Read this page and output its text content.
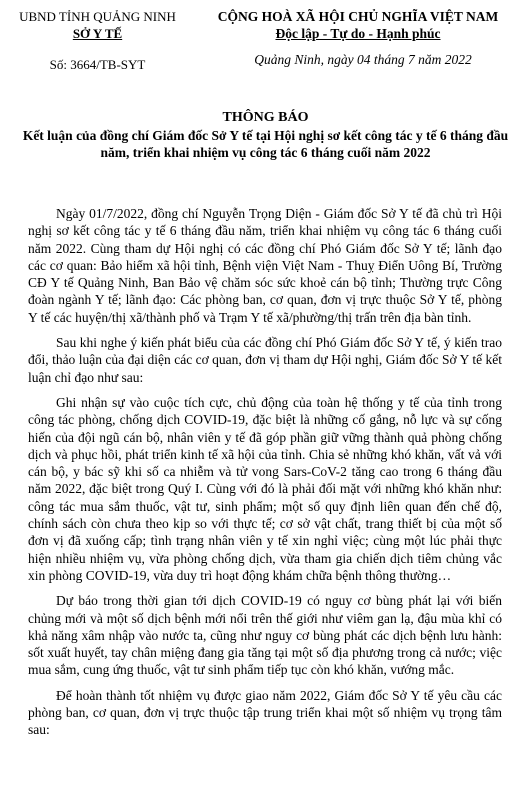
UBND TỈNH QUẢNG NINH
SỞ Y TẾ
Số: 3664/TB-SYT
CỘNG HOÀ XÃ HỘI CHỦ NGHĨA VIỆT NAM
Độc lập - Tự do - Hạnh phúc
Quảng Ninh, ngày 04 tháng 7 năm 2022
THÔNG BÁO
Kết luận của đồng chí Giám đốc Sở Y tế tại Hội nghị sơ kết công tác y tế 6 tháng đầu năm, triển khai nhiệm vụ công tác 6 tháng cuối năm 2022

Ngày 01/7/2022, đồng chí Nguyễn Trọng Diện - Giám đốc Sở Y tế đã chủ trì Hội nghị sơ kết công tác y tế 6 tháng đầu năm, triển khai nhiệm vụ công tác 6 tháng cuối năm 2022. Cùng tham dự Hội nghị có các đồng chí Phó Giám đốc Sở Y tế; lãnh đạo các cơ quan: Bảo hiểm xã hội tỉnh, Bệnh viện Việt Nam - Thuỵ Điển Uông Bí, Trường CĐ Y tế Quảng Ninh, Ban Bảo vệ chăm sóc sức khoẻ cán bộ tỉnh; Thường trực Công đoàn ngành Y tế; lãnh đạo: Các phòng ban, cơ quan, đơn vị trực thuộc Sở Y tế, phòng Y tế các huyện/thị xã/thành phố và Trạm Y tế xã/phường/thị trấn trên địa bàn tỉnh.

Sau khi nghe ý kiến phát biểu của các đồng chí Phó Giám đốc Sở Y tế, ý kiến trao đổi, thảo luận của đại diện các cơ quan, đơn vị tham dự Hội nghị, Giám đốc Sở Y tế kết luận chỉ đạo như sau:

Ghi nhận sự vào cuộc tích cực, chủ động của toàn hệ thống y tế của tỉnh trong công tác phòng, chống dịch COVID-19, đặc biệt là những cố gắng, nỗ lực và sự cống hiến của đội ngũ cán bộ, nhân viên y tế đã góp phần giữ vững thành quả phòng chống dịch và phục hồi, phát triển kinh tế xã hội của tỉnh. Chia sẻ những khó khăn, vất vả với cán bộ, y bác sỹ khi số ca nhiễm và tử vong Sars-CoV-2 tăng cao trong 6 tháng đầu năm 2022, đặc biệt trong Quý I. Cùng với đó là phải đối mặt với những khó khăn như: công tác mua sắm thuốc, vật tư, sinh phẩm; một số quy định liên quan đến chế độ, chính sách còn chưa theo kịp so với thực tế; cơ sở vật chất, trang thiết bị của một số đơn vị đã xuống cấp; tình trạng nhân viên y tế xin nghỉ việc; cùng một lúc phải thực hiện nhiều nhiệm vụ, vừa phòng chống dịch, vừa tham gia chiến dịch tiêm chủng vắc xin phòng COVID-19, vừa duy trì hoạt động khám chữa bệnh thông thường…

Dự báo trong thời gian tới dịch COVID-19 có nguy cơ bùng phát lại với biến chủng mới và một số dịch bệnh mới nổi trên thế giới như viêm gan lạ, đậu mùa khỉ có khả năng xâm nhập vào nước ta, cũng như nguy cơ bùng phát các dịch bệnh lưu hành: sốt xuất huyết, tay chân miệng đang gia tăng tại một số địa phương trong cả nước; việc mua sắm, cung ứng thuốc, vật tư sinh phẩm tiếp tục còn khó khăn, vướng mắc.

Để hoàn thành tốt nhiệm vụ được giao năm 2022, Giám đốc Sở Y tế yêu cầu các phòng ban, cơ quan, đơn vị trực thuộc tập trung triển khai một số nhiệm vụ trọng tâm sau:
